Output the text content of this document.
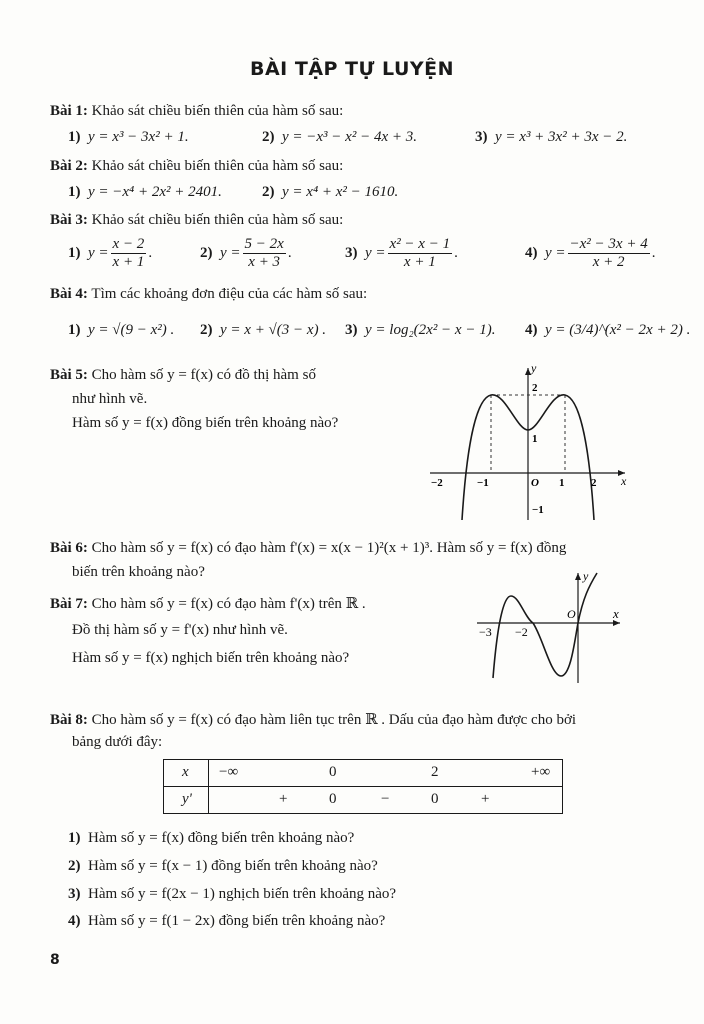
BÀI TẬP TỰ LUYỆN
Bài 1: Khảo sát chiều biến thiên của hàm số sau:
1) y = x³ − 3x² + 1.	2) y = −x³ − x² − 4x + 3.	3) y = x³ + 3x² + 3x − 2.
Bài 2: Khảo sát chiều biến thiên của hàm số sau:
1) y = −x⁴ + 2x² + 2401.	2) y = x⁴ + x² − 1610.
Bài 3: Khảo sát chiều biến thiên của hàm số sau:
1) $y = \frac{x - 2}{x + 1}$ .	2) $y = \frac{5 - 2x}{x + 3}$ .	3) $y = \frac{\text{x² − x − 1}}{x + 1}$ .	4) $y = \frac{\text{−x² − 3x + 4}}{x + 2}$ .
Bài 4: Tìm các khoảng đơn điệu của các hàm số sau:
1) y = √(9 − x²) . 2) y = x + √(3 − x) . 3) y = log₂(2x² − x − 1). 4) y = (3/4)^(x² − 2x + 2) .
Bài 5: Cho hàm số y = f(x) có đồ thị hàm số
như hình vẽ.
Hàm số y = f(x) đồng biến trên khoảng nào?
x
y
−2	−1	O 1 2
2
1
−1
Bài 6: Cho hàm số y = f(x) có đạo hàm f'(x) = x(x − 1)²(x + 1)³. Hàm số y = f(x) đồng
biến trên khoảng nào?
Bài 7: Cho hàm số y = f(x) có đạo hàm f'(x) trên ℝ .
Đồ thị hàm số y = f'(x) như hình vẽ.
Hàm số y = f(x) nghịch biến trên khoảng nào?
x
y
−3 −2
O
Bài 8: Cho hàm số y = f(x) có đạo hàm liên tục trên ℝ . Dấu của đạo hàm được cho bởi
bảng dưới đây:
x	−∞ 0 2 +∞

y'	+ 0 − 0 +
1) Hàm số y = f(x) đồng biến trên khoảng nào?
2) Hàm số y = f(x − 1) đồng biến trên khoảng nào?
3) Hàm số y = f(2x − 1) nghịch biến trên khoảng nào?
4) Hàm số y = f(1 − 2x) đồng biến trên khoảng nào?
8
